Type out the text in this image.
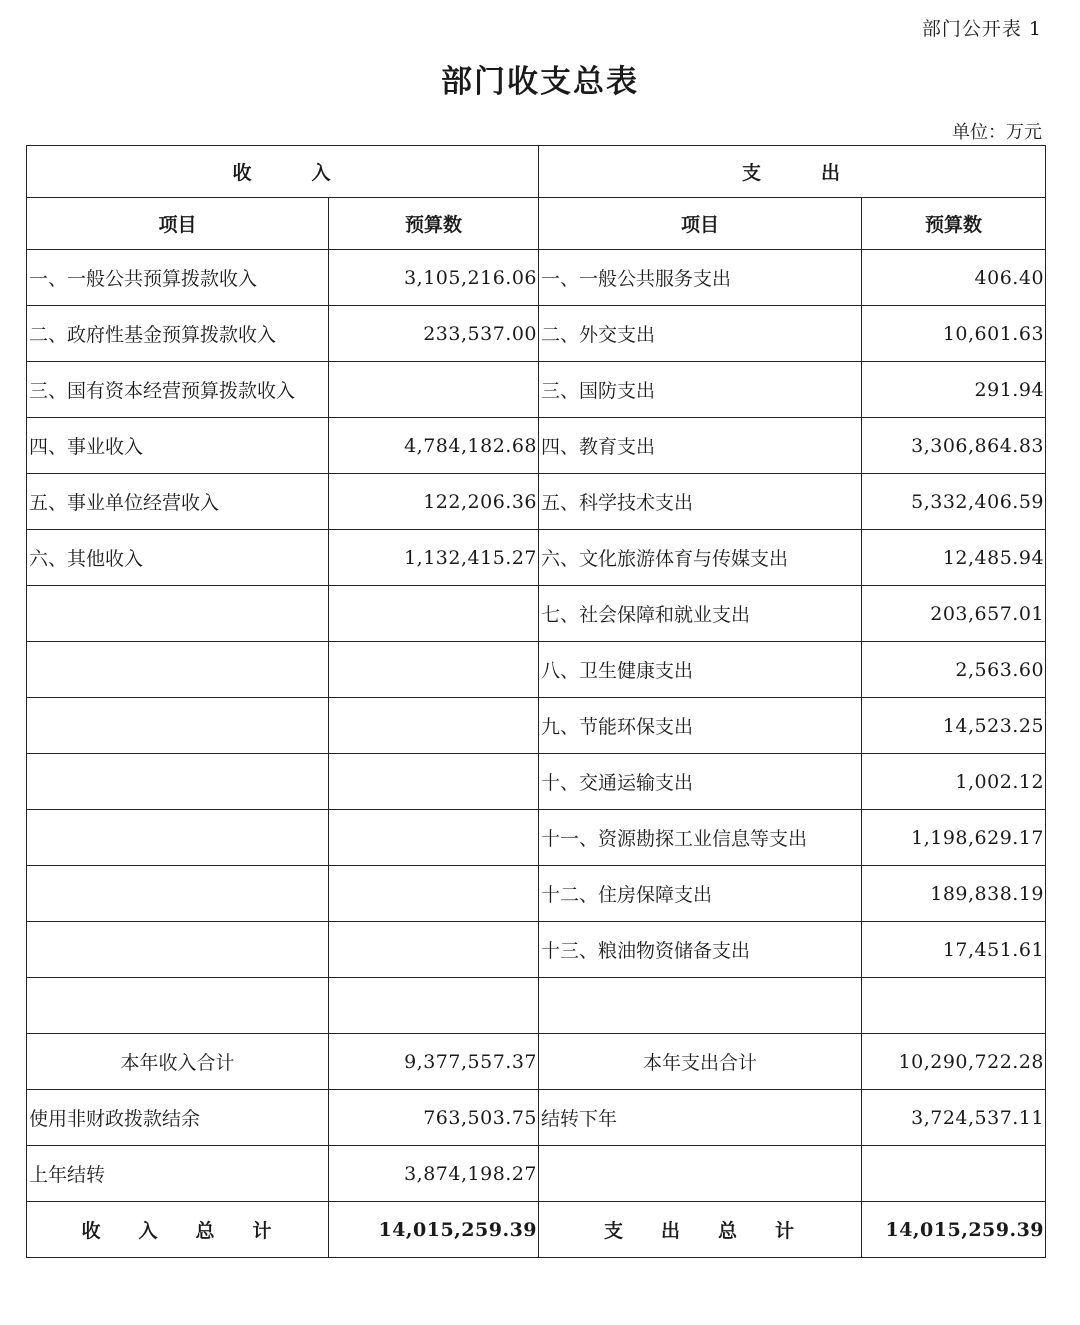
部门公开表 1
部门收支总表
单位：万元
收入		支出	
项目	预算数	项目	预算数
一、一般公共预算拨款收入	3,105,216.06	一、一般公共服务支出	406.40
二、政府性基金预算拨款收入	233,537.00	二、外交支出	10,601.63
三、国有资本经营预算拨款收入		三、国防支出	291.94
四、事业收入	4,784,182.68	四、教育支出	3,306,864.83
五、事业单位经营收入	122,206.36	五、科学技术支出	5,332,406.59
六、其他收入	1,132,415.27	六、文化旅游体育与传媒支出	12,485.94
		七、社会保障和就业支出	203,657.01
		八、卫生健康支出	2,563.60
		九、节能环保支出	14,523.25
		十、交通运输支出	1,002.12
		十一、资源勘探工业信息等支出	1,198,629.17
		十二、住房保障支出	189,838.19
		十三、粮油物资储备支出	17,451.61

本年收入合计	9,377,557.37	本年支出合计	10,290,722.28
使用非财政拨款结余	763,503.75	结转下年	3,724,537.11
上年结转	3,874,198.27		
收入总计	14,015,259.39	支出总计	14,015,259.39
